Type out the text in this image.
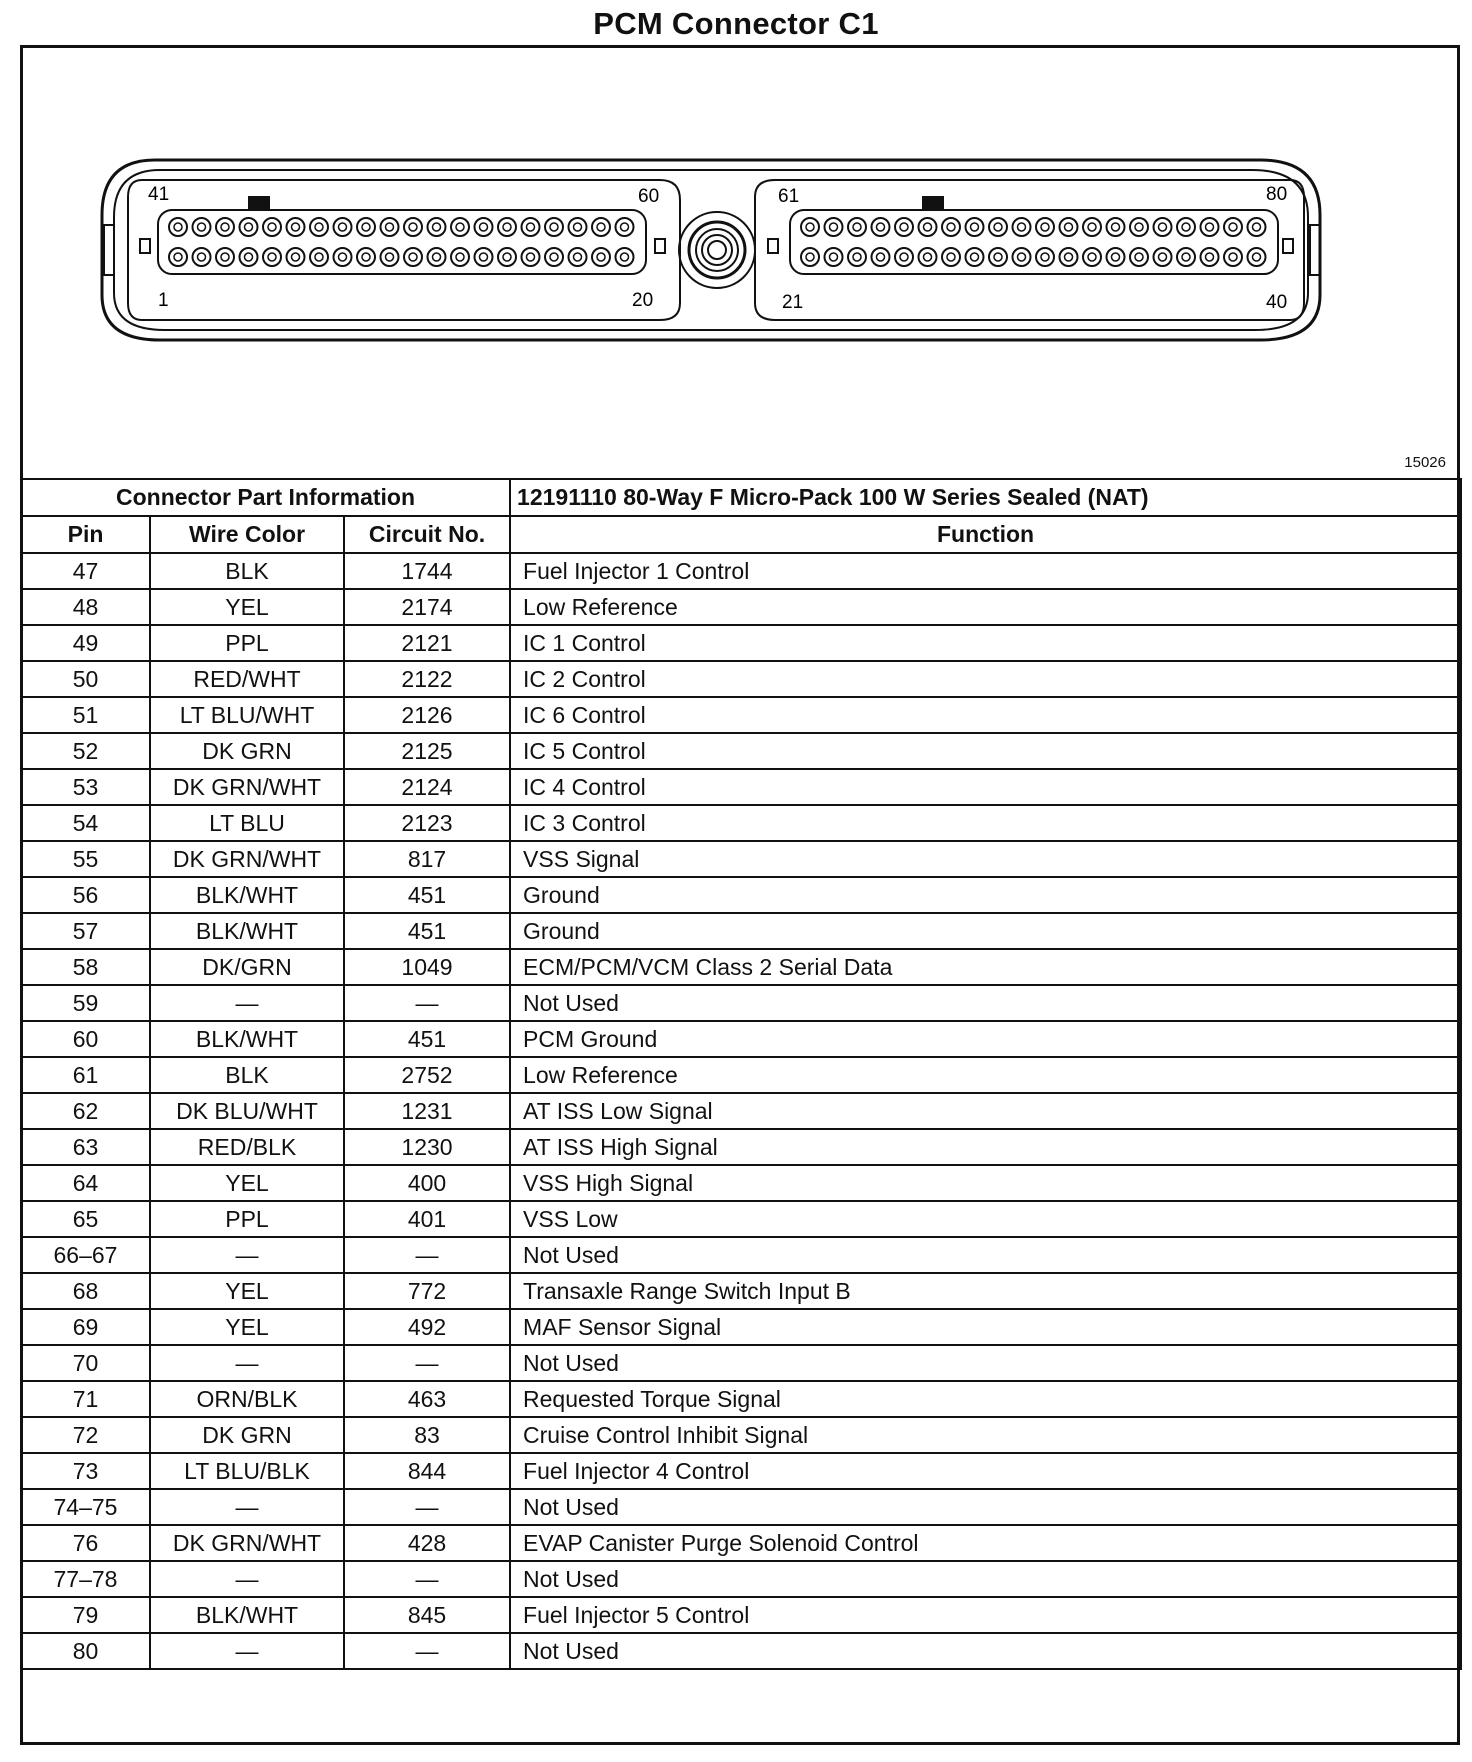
PCM Connector C1
41	60
1	20
61	80
21	40
15026
Connector Part Information			12191110 80-Way F Micro-Pack 100 W Series Sealed (NAT)
Pin	Wire Color	Circuit No.	Function
47	BLK	1744	Fuel Injector 1 Control
48	YEL	2174	Low Reference
49	PPL	2121	IC 1 Control
50	RED/WHT	2122	IC 2 Control
51	LT BLU/WHT	2126	IC 6 Control
52	DK GRN	2125	IC 5 Control
53	DK GRN/WHT	2124	IC 4 Control
54	LT BLU	2123	IC 3 Control
55	DK GRN/WHT	817	VSS Signal
56	BLK/WHT	451	Ground
57	BLK/WHT	451	Ground
58	DK/GRN	1049	ECM/PCM/VCM Class 2 Serial Data
59	—	—	Not Used
60	BLK/WHT	451	PCM Ground
61	BLK	2752	Low Reference
62	DK BLU/WHT	1231	AT ISS Low Signal
63	RED/BLK	1230	AT ISS High Signal
64	YEL	400	VSS High Signal
65	PPL	401	VSS Low
66–67	—	—	Not Used
68	YEL	772	Transaxle Range Switch Input B
69	YEL	492	MAF Sensor Signal
70	—	—	Not Used
71	ORN/BLK	463	Requested Torque Signal
72	DK GRN	83	Cruise Control Inhibit Signal
73	LT BLU/BLK	844	Fuel Injector 4 Control
74–75	—	—	Not Used
76	DK GRN/WHT	428	EVAP Canister Purge Solenoid Control
77–78	—	—	Not Used
79	BLK/WHT	845	Fuel Injector 5 Control
80	—	—	Not Used
